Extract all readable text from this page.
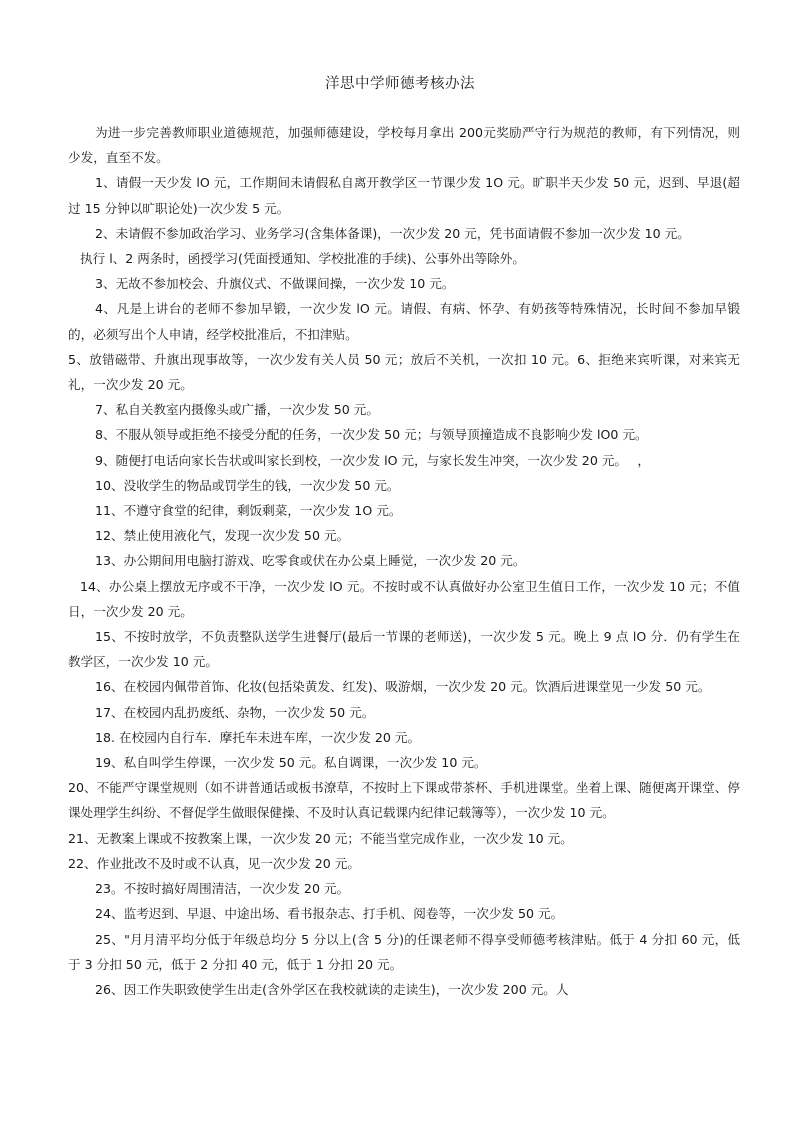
洋思中学师德考核办法

为进一步完善教师职业道德规范，加强师德建设，学校每月拿出 200元奖励严守行为规范的教师，有下列情况，则少发，直至不发。

1、请假一天少发 lO 元，工作期间未请假私自离开教学区一节课少发 1O 元。旷职半天少发 50 元，迟到、早退(超过 15 分钟以旷职论处)一次少发 5 元。

2、未请假不参加政治学习、业务学习(含集体备课)，一次少发 20 元，凭书面请假不参加一次少发 10 元。

执行 l、2 两条时，函授学习(凭面授通知、学校批准的手续)、公事外出等除外。

3、无故不参加校会、升旗仪式、不做课间操，一次少发 10 元。

4、凡是上讲台的老师不参加早锻，一次少发 lO 元。请假、有病、怀孕、有奶孩等特殊情况，长时间不参加早锻的，必须写出个人申请，经学校批准后，不扣津贴。

5、放错磁带、升旗出现事故等，一次少发有关人员 50 元；放后不关机，一次扣 10 元。6、拒绝来宾听课，对来宾无礼，一次少发 20 元。

7、私自关教室内摄像头或广播，一次少发 50 元。

8、不服从领导或拒绝不接受分配的任务，一次少发 50 元；与领导顶撞造成不良影响少发 lO0 元。

9、随便打电话向家长告状或叫家长到校，一次少发 lO 元，与家长发生冲突，一次少发 20 元。　 ，

10、没收学生的物品或罚学生的钱，一次少发 50 元。

11、不遵守食堂的纪律，剩饭剩菜，一次少发 1O 元。

12、禁止使用液化气，发现一次少发 50 元。

13、办公期间用电脑打游戏、吃零食或伏在办公桌上睡觉，一次少发 20 元。

14、办公桌上摆放无序或不干净，一次少发 lO 元。不按时或不认真做好办公室卫生值日工作，一次少发 10 元；不值日，一次少发 20 元。

15、不按时放学，不负责整队送学生进餐厅(最后一节课的老师送)，一次少发 5 元。晚上 9 点 lO 分．仍有学生在教学区，一次少发 10 元。

16、在校园内佩带首饰、化妆(包括染黄发、红发)、吸游烟，一次少发 20 元。饮酒后进课堂见一少发 50 元。

17、在校园内乱扔废纸、杂物，一次少发 50 元。

18. 在校园内自行车．摩托车未进车库，一次少发 20 元。

19、私自叫学生停课，一次少发 50 元。私自调课，一次少发 10 元。

20、不能严守课堂规则（如不讲普通话或板书潦草，不按时上下课或带茶杯、手机进课堂。坐着上课、随便离开课堂、停课处理学生纠纷、不督促学生做眼保健操、不及时认真记载课内纪律记载簿等），一次少发 10 元。

21、无教案上课或不按教案上课，一次少发 20 元；不能当堂完成作业，一次少发 10 元。

22、作业批改不及时或不认真，见一次少发 20 元。

23。不按时搞好周围清洁，一次少发 20 元。

24、监考迟到、早退、中途出场、看书报杂志、打手机、阅卷等，一次少发 50 元。

25、"月月清平均分低于年级总均分 5 分以上(含 5 分)的任课老师不得享受师德考核津贴。低于 4 分扣 60 元，低于 3 分扣 50 元，低于 2 分扣 40 元，低于 1 分扣 20 元。

26、因工作失职致使学生出走(含外学区在我校就读的走读生)，一次少发 200 元。人
